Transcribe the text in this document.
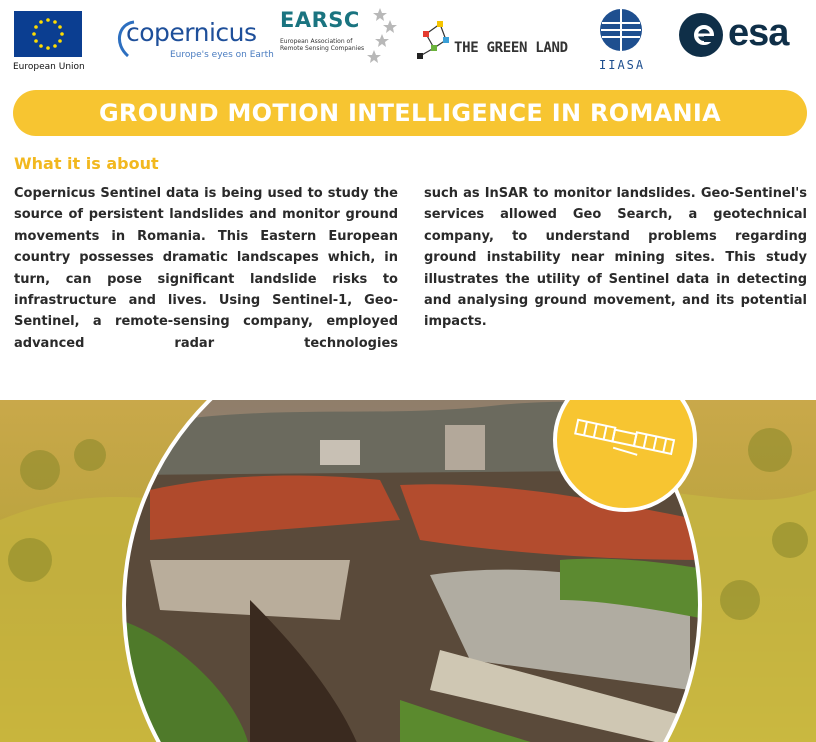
European Union
copernicus
Europe's eyes on Earth
EARSC
European Association of Remote Sensing Companies	THE GREEN LAND
IIASA
esa
GROUND MOTION INTELLIGENCE IN ROMANIA
What it is about
Copernicus Sentinel data is being used to study the source of persistent landslides and monitor ground movements in Romania. This Eastern European country possesses dramatic landscapes which, in turn, can pose significant landslide risks to infrastructure and lives. Using Sentinel-1, Geo-Sentinel, a remote-sensing company, employed advanced radar technologies
such as InSAR to monitor landslides. Geo-Sentinel's services allowed Geo Search, a geotechnical company, to understand problems regarding ground instability near mining sites. This study illustrates the utility of Sentinel data in detecting and analysing ground movement, and its potential impacts.
